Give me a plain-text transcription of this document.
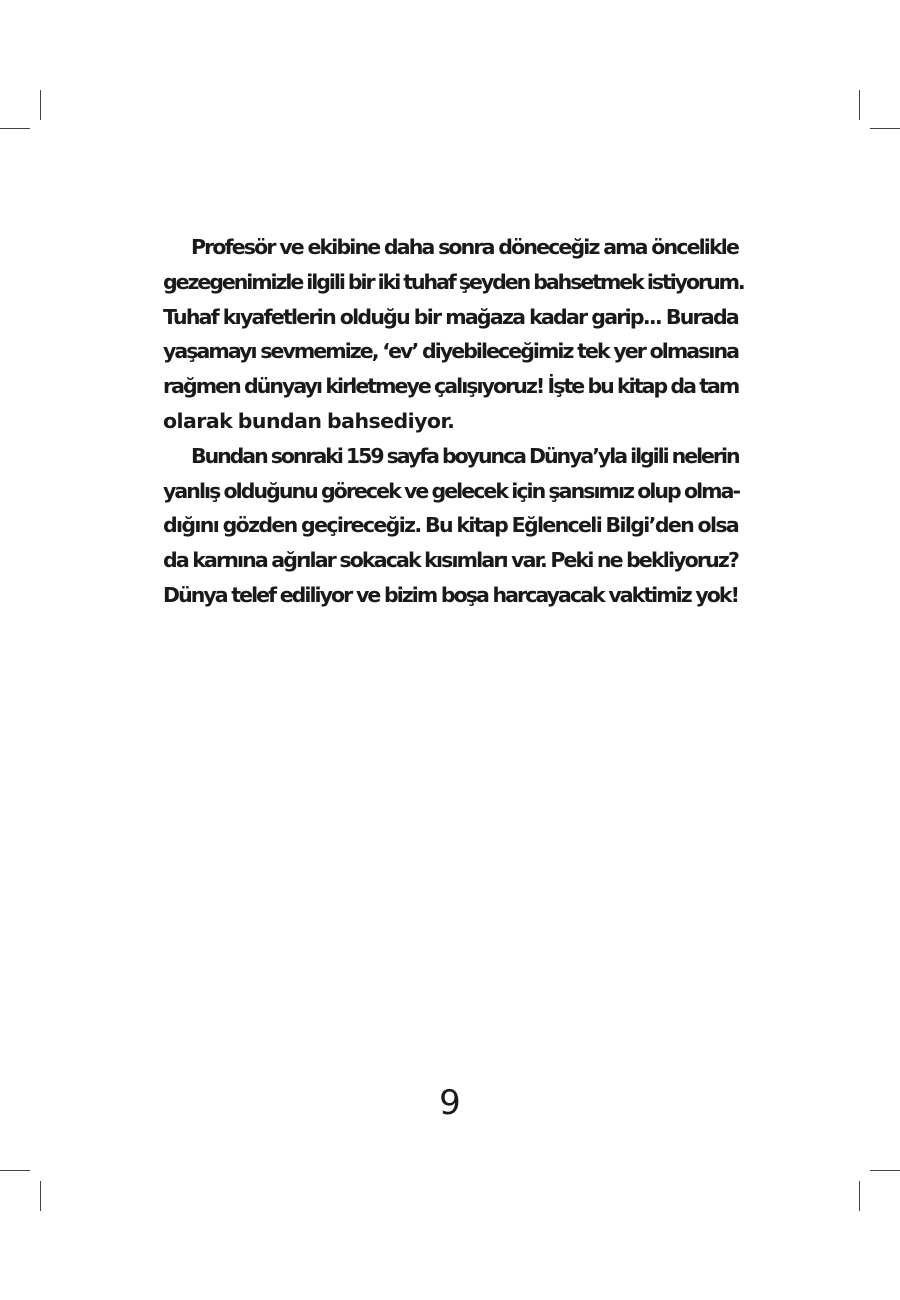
Profesör ve ekibine daha sonra döneceğiz ama öncelikle
gezegenimizle ilgili bir iki tuhaf şeyden bahsetmek istiyorum.
Tuhaf kıyafetlerin olduğu bir mağaza kadar garip... Burada
yaşamayı sevmemize, ‘ev’ diyebileceğimiz tek yer olmasına
rağmen dünyayı kirletmeye çalışıyoruz! İşte bu kitap da tam
olarak bundan bahsediyor.

Bundan sonraki 159 sayfa boyunca Dünya’yla ilgili nelerin
yanlış olduğunu görecek ve gelecek için şansımız olup olma-
dığını gözden geçireceğiz. Bu kitap Eğlenceli Bilgi’den olsa
da karnına ağrılar sokacak kısımları var. Peki ne bekliyoruz?
Dünya telef ediliyor ve bizim boşa harcayacak vaktimiz yok!

9
